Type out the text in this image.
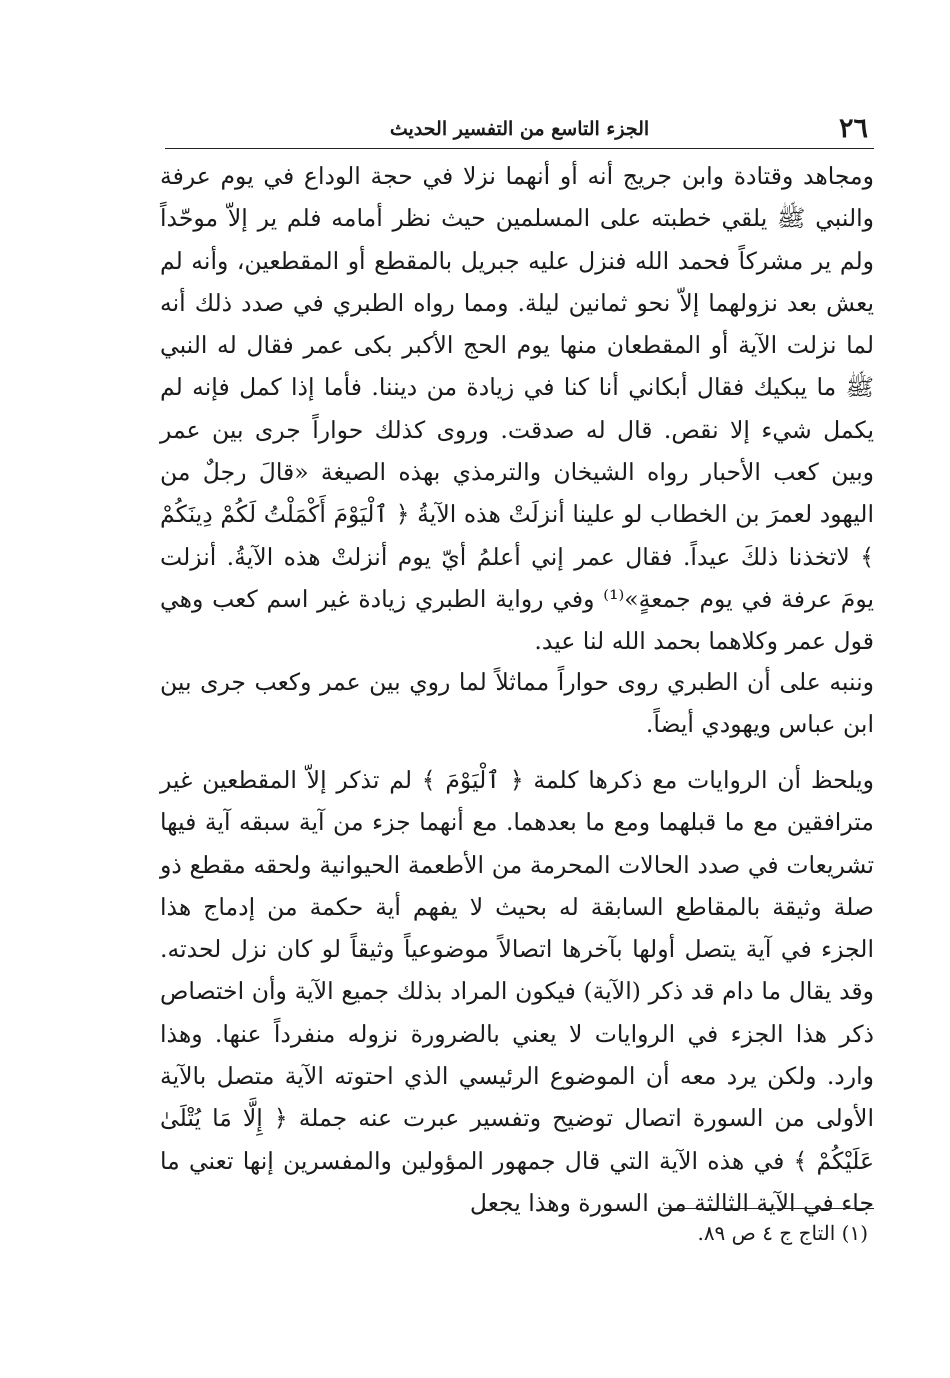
٢٦
الجزء التاسع من التفسير الحديث

ومجاهد وقتادة وابن جريج أنه أو أنهما نزلا في حجة الوداع في يوم عرفة والنبي ﷺ يلقي خطبته على المسلمين حيث نظر أمامه فلم ير إلاّ موحّداً ولم ير مشركاً فحمد الله فنزل عليه جبريل بالمقطع أو المقطعين، وأنه لم يعش بعد نزولهما إلاّ نحو ثمانين ليلة. ومما رواه الطبري في صدد ذلك أنه لما نزلت الآية أو المقطعان منها يوم الحج الأكبر بكى عمر فقال له النبي ﷺ ما يبكيك فقال أبكاني أنا كنا في زيادة من ديننا. فأما إذا كمل فإنه لم يكمل شيء إلا نقص. قال له صدقت. وروى كذلك حواراً جرى بين عمر وبين كعب الأحبار رواه الشيخان والترمذي بهذه الصيغة «قالَ رجلٌ من اليهود لعمرَ بن الخطاب لو علينا أنزلَتْ هذه الآيةُ ﴿ ٱلْيَوْمَ أَكْمَلْتُ لَكُمْ دِينَكُمْ ﴾ لاتخذنا ذلكَ عيداً. فقال عمر إني أعلمُ أيّ يوم أنزلتْ هذه الآيةُ. أنزلت يومَ عرفة في يوم جمعةٍ»⁽¹⁾ وفي رواية الطبري زيادة غير اسم كعب وهي قول عمر وكلاهما بحمد الله لنا عيد.

وننبه على أن الطبري روى حواراً مماثلاً لما روي بين عمر وكعب جرى بين ابن عباس ويهودي أيضاً.

ويلحظ أن الروايات مع ذكرها كلمة ﴿ ٱلْيَوْمَ ﴾ لم تذكر إلاّ المقطعين غير مترافقين مع ما قبلهما ومع ما بعدهما. مع أنهما جزء من آية سبقه آية فيها تشريعات في صدد الحالات المحرمة من الأطعمة الحيوانية ولحقه مقطع ذو صلة وثيقة بالمقاطع السابقة له بحيث لا يفهم أية حكمة من إدماج هذا الجزء في آية يتصل أولها بآخرها اتصالاً موضوعياً وثيقاً لو كان نزل لحدته. وقد يقال ما دام قد ذكر (الآية) فيكون المراد بذلك جميع الآية وأن اختصاص ذكر هذا الجزء في الروايات لا يعني بالضرورة نزوله منفرداً عنها. وهذا وارد. ولكن يرد معه أن الموضوع الرئيسي الذي احتوته الآية متصل بالآية الأولى من السورة اتصال توضيح وتفسير عبرت عنه جملة ﴿ إِلَّا مَا يُتْلَىٰ عَلَيْكُمْ ﴾ في هذه الآية التي قال جمهور المؤولين والمفسرين إنها تعني ما جاء في الآية الثالثة من السورة وهذا يجعل

(١) التاج ج ٤ ص ٨٩.
